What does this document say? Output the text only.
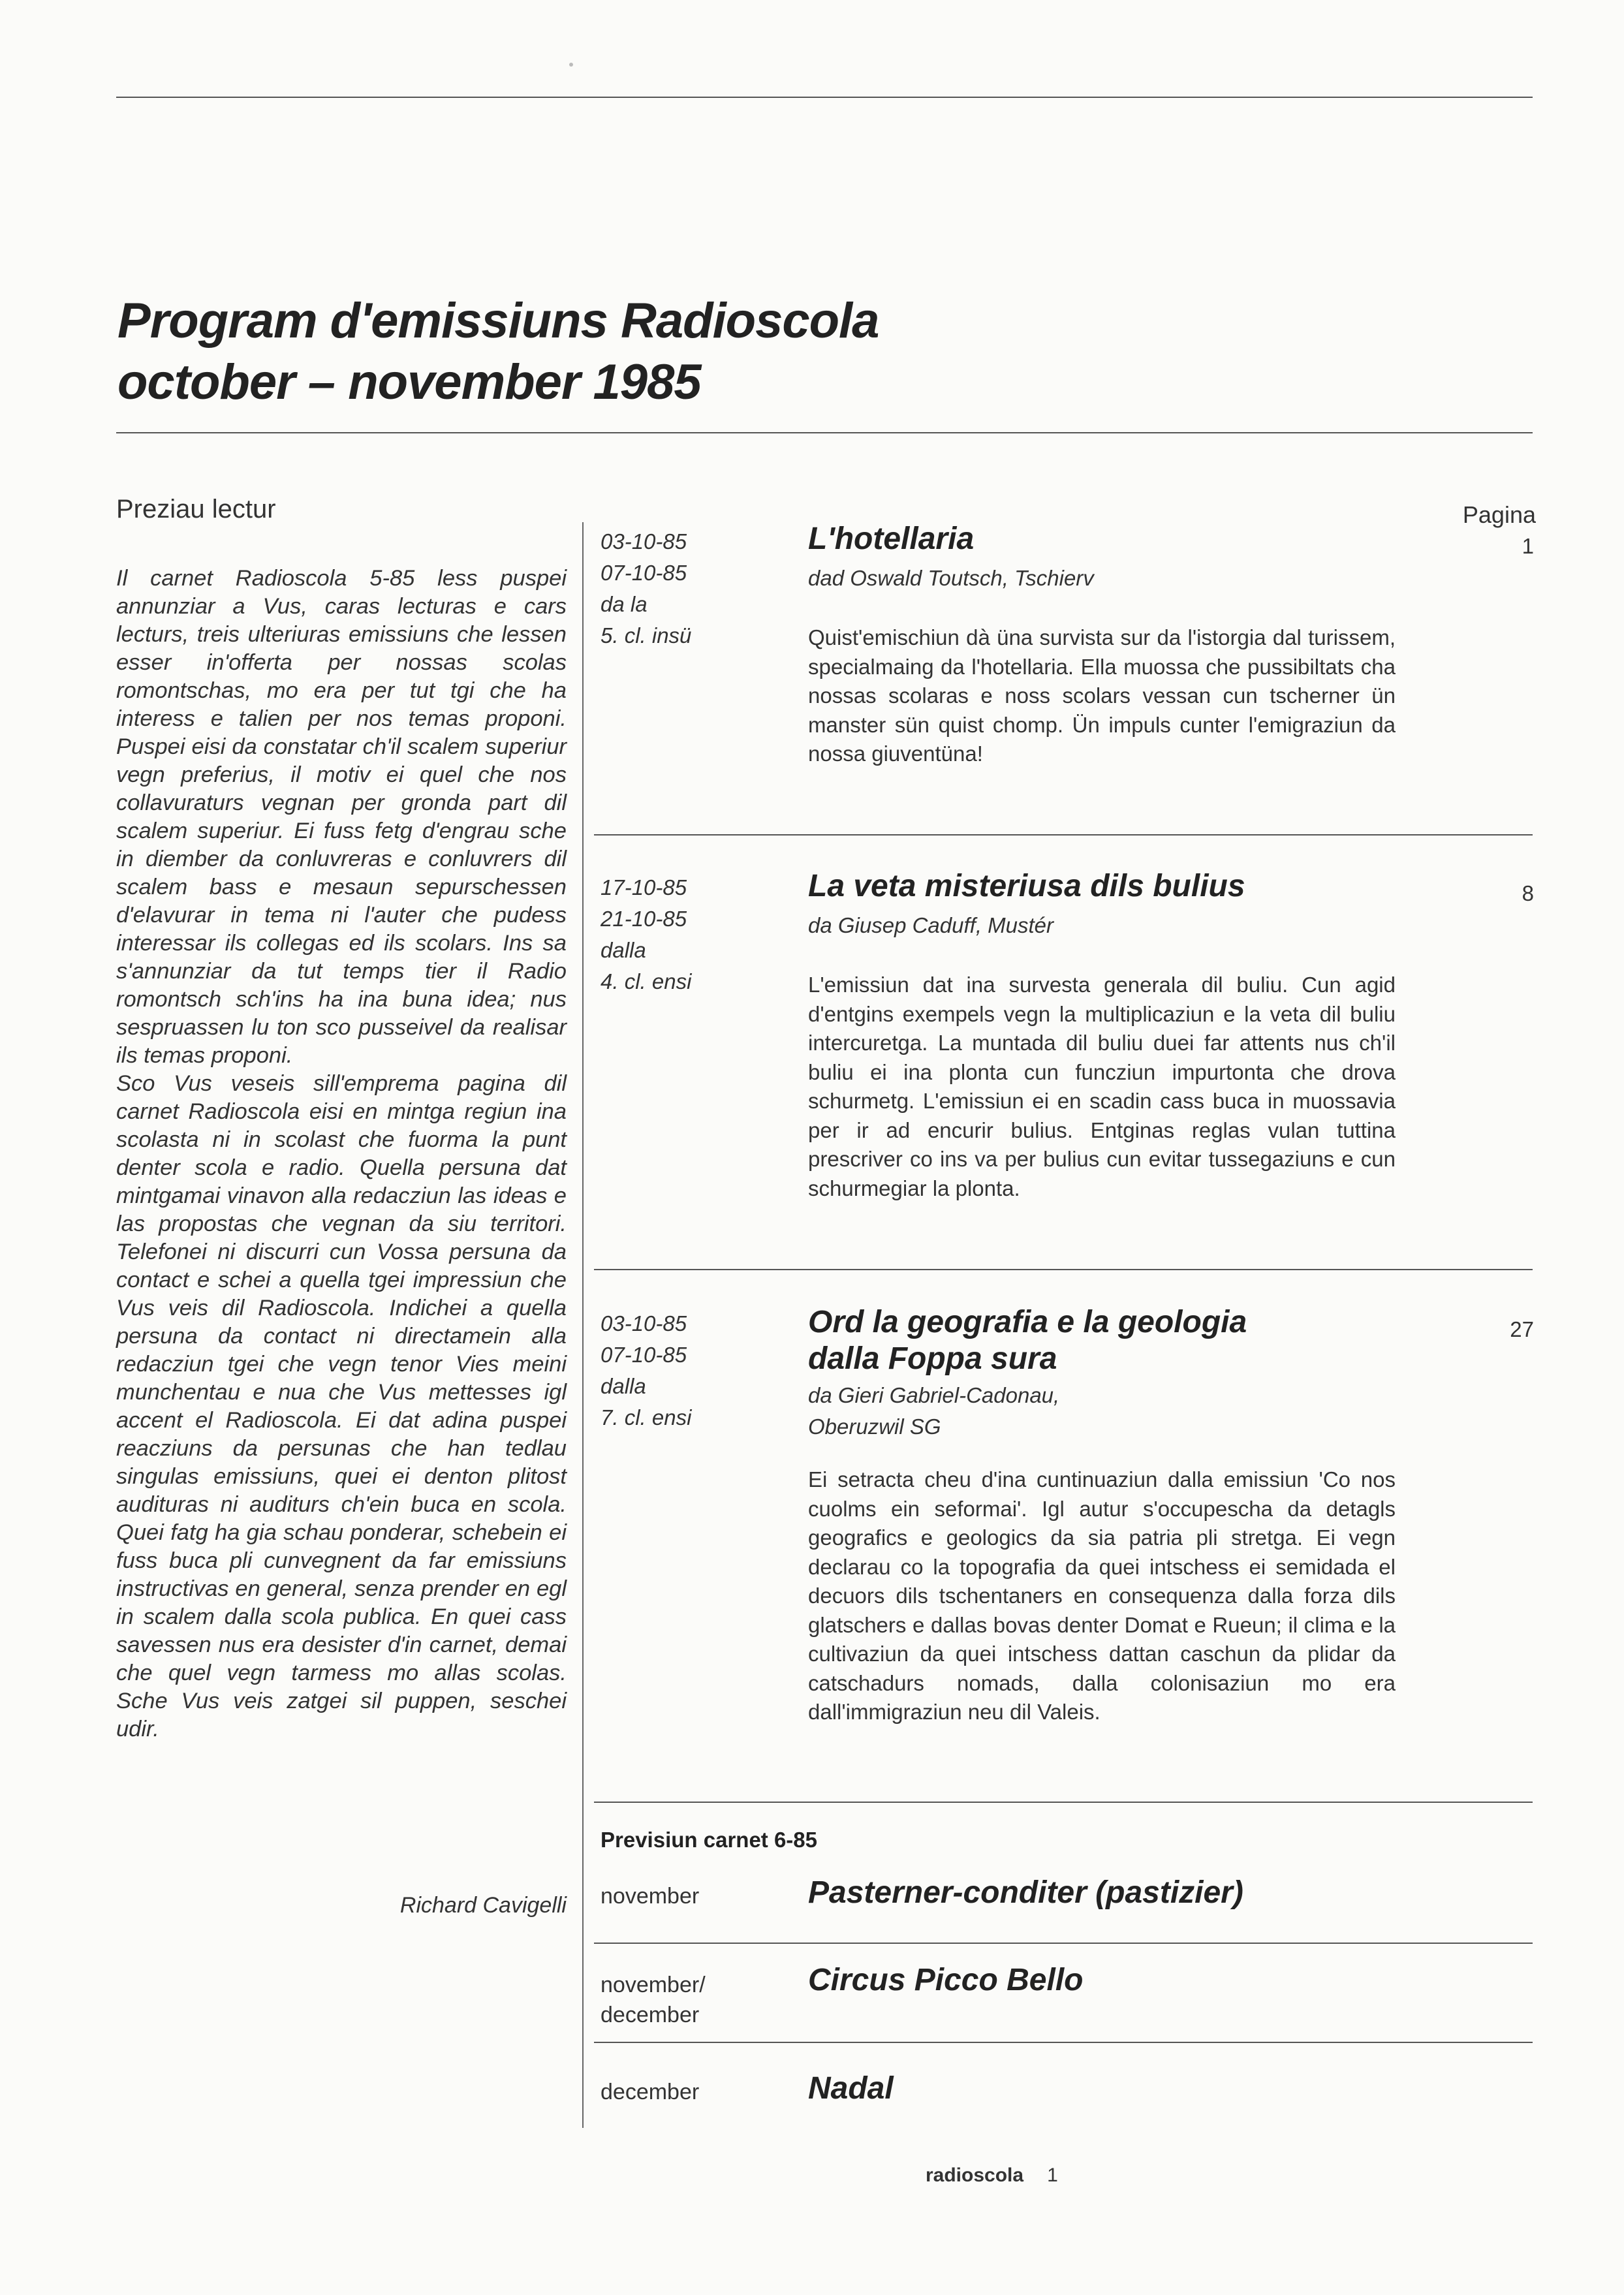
Program d'emissiuns Radioscola
october – november 1985
Preziau lectur

Il carnet Radioscola 5-85 less puspei annunziar a Vus, caras lecturas e cars lecturs, treis ulteriuras emissiuns che lessen esser in'offerta per nossas scolas romontschas, mo era per tut tgi che ha interess e talien per nos temas proponi. Puspei eisi da constatar ch'il scalem superiur vegn preferius, il motiv ei quel che nos collavuraturs vegnan per gronda part dil scalem superiur. Ei fuss fetg d'engrau sche in diember da conluvreras e conluvrers dil scalem bass e mesaun sepurschessen d'elavurar in tema ni l'auter che pudess interessar ils collegas ed ils scolars. Ins sa s'annunziar da tut temps tier il Radio romontsch sch'ins ha ina buna idea; nus sespruassen lu ton sco pusseivel da realisar ils temas proponi.

Sco Vus veseis sill'emprema pagina dil carnet Radioscola eisi en mintga regiun ina scolasta ni in scolast che fuorma la punt denter scola e radio. Quella persuna dat mintgamai vinavon alla redacziun las ideas e las propostas che vegnan da siu territori. Telefonei ni discurri cun Vossa persuna da contact e schei a quella tgei impressiun che Vus veis dil Radioscola. Indichei a quella persuna da contact ni directamein alla redacziun tgei che vegn tenor Vies meini munchentau e nua che Vus mettesses igl accent el Radioscola. Ei dat adina puspei reacziuns da persunas che han tedlau singulas emissiuns, quei ei denton plitost audituras ni auditurs ch'ein buca en scola. Quei fatg ha gia schau ponderar, schebein ei fuss buca pli cunvegnent da far emissiuns instructivas en general, senza prender en egl in scalem dalla scola publica. En quei cass savessen nus era desister d'in carnet, demai che quel vegn tarmess mo allas scolas. Sche Vus veis zatgei sil puppen, seschei udir.

Richard Cavigelli
Pagina
03-10-85
07-10-85
da la
5. cl. insü
L'hotellaria
dad Oswald Toutsch, Tschierv
1
Quist'emischiun dà üna survista sur da l'istorgia dal turissem, specialmaing da l'hotellaria. Ella muossa che pussibiltats cha nossas scolaras e noss scolars vessan cun tscherner ün manster sün quist chomp. Ün impuls cunter l'emigraziun da nossa giuventüna!
17-10-85
21-10-85
dalla
4. cl. ensi
La veta misteriusa dils bulius
da Giusep Caduff, Mustér
8
L'emissiun dat ina survesta generala dil buliu. Cun agid d'entgins exempels vegn la multiplicaziun e la veta dil buliu intercuretga. La muntada dil buliu duei far attents nus ch'il buliu ei ina plonta cun funcziun impurtonta che drova schurmetg. L'emissiun ei en scadin cass buca in muossavia per ir ad encurir bulius. Entginas reglas vulan tuttina prescriver co ins va per bulius cun evitar tussegaziuns e cun schurmegiar la plonta.
03-10-85
07-10-85
dalla
7. cl. ensi
Ord la geografia e la geologia
dalla Foppa sura
da Gieri Gabriel-Cadonau,
Oberuzwil SG
27
Ei setracta cheu d'ina cuntinuaziun dalla emissiun 'Co nos cuolms ein seformai'. Igl autur s'occupescha da detagls geografics e geologics da sia patria pli stretga. Ei vegn declarau co la topografia da quei intschess ei semidada el decuors dils tschentaners en consequenza dalla forza dils glatschers e dallas bovas denter Domat e Rueun; il clima e la cultivaziun da quei intschess dattan caschun da plidar da catschadurs nomads, dalla colonisaziun mo era dall'immigraziun neu dil Valeis.
Previsiun carnet 6-85
november	Pasterner-conditer (pastizier)
november/
december
Circus Picco Bello
december	Nadal
radioscola 1
